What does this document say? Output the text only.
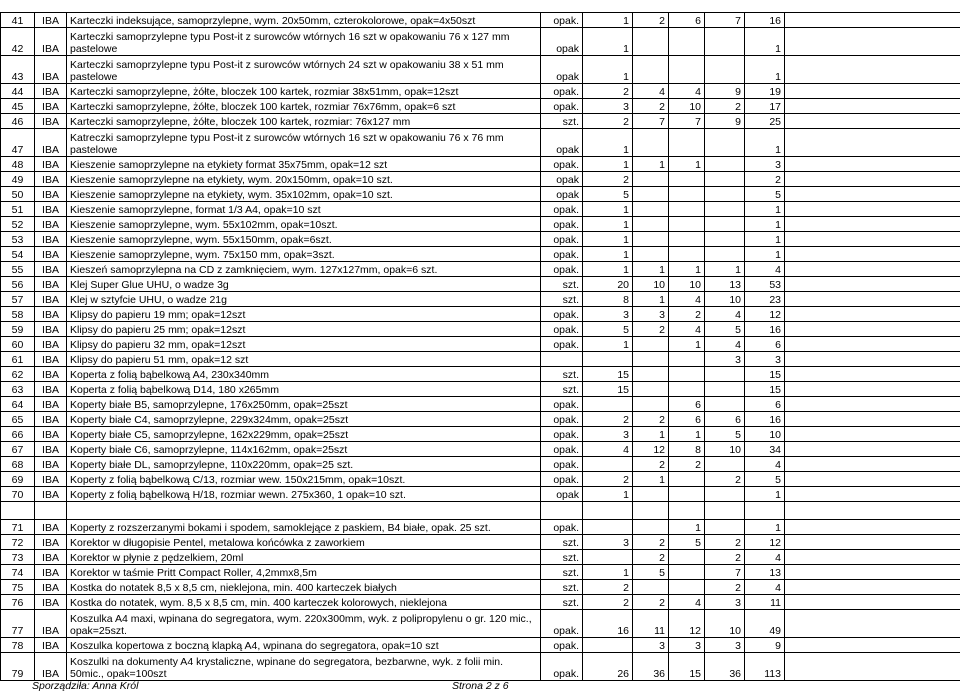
41	IBA	Karteczki indeksujące, samoprzylepne, wym. 20x50mm, czterokolorowe, opak=4x50szt	opak.	1	2	6	7	16	
42	IBA	Karteczki samoprzylepne typu Post-it z surowców wtórnych 16 szt w opakowaniu 76 x 127 mm pastelowe	opak	1				1	
43	IBA	Karteczki samoprzylepne typu Post-it z surowców wtórnych 24 szt w opakowaniu 38 x 51 mm pastelowe	opak	1				1	
44	IBA	Karteczki samoprzylepne, żółte, bloczek 100 kartek, rozmiar 38x51mm, opak=12szt	opak.	2	4	4	9	19	
45	IBA	Karteczki samoprzylepne, żółte, bloczek 100 kartek, rozmiar 76x76mm, opak=6 szt	opak.	3	2	10	2	17	
46	IBA	Karteczki samoprzylepne, żółte, bloczek 100 kartek, rozmiar: 76x127 mm	szt.	2	7	7	9	25	
47	IBA	Katreczki samoprzylepne typu Post-it z surowców wtórnych 16 szt w opakowaniu 76 x 76 mm pastelowe	opak	1				1	
48	IBA	Kieszenie samoprzylepne na etykiety format 35x75mm, opak=12 szt	opak.	1	1	1		3	
49	IBA	Kieszenie samoprzylepne na etykiety, wym. 20x150mm, opak=10 szt.	opak	2				2	
50	IBA	Kieszenie samoprzylepne na etykiety, wym. 35x102mm, opak=10 szt.	opak	5				5	
51	IBA	Kieszenie samoprzylepne, format 1/3 A4, opak=10 szt	opak.	1				1	
52	IBA	Kieszenie samoprzylepne, wym. 55x102mm, opak=10szt.	opak.	1				1	
53	IBA	Kieszenie samoprzylepne, wym. 55x150mm, opak=6szt.	opak.	1				1	
54	IBA	Kieszenie samoprzylepne, wym. 75x150 mm, opak=3szt.	opak.	1				1	
55	IBA	Kieszeń samoprzylepna na CD z zamknięciem, wym. 127x127mm, opak=6 szt.	opak.	1	1	1	1	4	
56	IBA	Klej Super Glue UHU, o wadze 3g	szt.	20	10	10	13	53	
57	IBA	Klej w sztyfcie UHU, o wadze 21g	szt.	8	1	4	10	23	
58	IBA	Klipsy do papieru 19 mm; opak=12szt	opak.	3	3	2	4	12	
59	IBA	Klipsy do papieru 25 mm; opak=12szt	opak.	5	2	4	5	16	
60	IBA	Klipsy do papieru 32 mm, opak=12szt	opak.	1		1	4	6	
61	IBA	Klipsy do papieru 51 mm, opak=12 szt					3	3	
62	IBA	Koperta z folią bąbelkową A4, 230x340mm	szt.	15				15	
63	IBA	Koperta z folią bąbelkową D14, 180 x265mm	szt.	15				15	
64	IBA	Koperty białe B5, samoprzylepne, 176x250mm, opak=25szt	opak.			6		6	
65	IBA	Koperty białe C4, samoprzylepne, 229x324mm, opak=25szt	opak.	2	2	6	6	16	
66	IBA	Koperty białe C5, samoprzylepne, 162x229mm, opak=25szt	opak.	3	1	1	5	10	
67	IBA	Koperty białe C6, samoprzylepne, 114x162mm, opak=25szt	opak.	4	12	8	10	34	
68	IBA	Koperty białe DL, samoprzylepne, 110x220mm, opak=25 szt.	opak.		2	2		4	
69	IBA	Koperty z folią bąbelkową C/13, rozmiar wew. 150x215mm, opak=10szt.	opak.	2	1		2	5	
70	IBA	Koperty z folią bąbelkową H/18, rozmiar wewn. 275x360, 1 opak=10 szt.	opak	1				1	

71	IBA	Koperty z rozszerzanymi bokami i spodem, samoklejące z paskiem, B4 białe, opak. 25 szt.	opak.			1		1	
72	IBA	Korektor w długopisie Pentel, metalowa końcówka z zaworkiem	szt.	3	2	5	2	12	
73	IBA	Korektor w płynie z pędzelkiem, 20ml	szt.		2		2	4	
74	IBA	Korektor w taśmie Pritt Compact Roller, 4,2mmx8,5m	szt.	1	5		7	13	
75	IBA	Kostka do notatek 8,5 x 8,5 cm, nieklejona, min. 400 karteczek białych	szt.	2			2	4	
76	IBA	Kostka do notatek, wym. 8,5 x 8,5 cm, min. 400 karteczek kolorowych, nieklejona	szt.	2	2	4	3	11	
77	IBA	Koszulka A4 maxi, wpinana do segregatora, wym. 220x300mm, wyk. z polipropylenu o gr. 120 mic., opak=25szt.	opak.	16	11	12	10	49	
78	IBA	Koszulka kopertowa z boczną klapką A4, wpinana do segregatora, opak=10 szt	opak.		3	3	3	9	
79	IBA	Koszulki na dokumenty A4 krystaliczne, wpinane do segregatora, bezbarwne, wyk. z folii min. 50mic., opak=100szt	opak.	26	36	15	36	113	
Sporządziła: Anna Król	Strona 2 z 6
